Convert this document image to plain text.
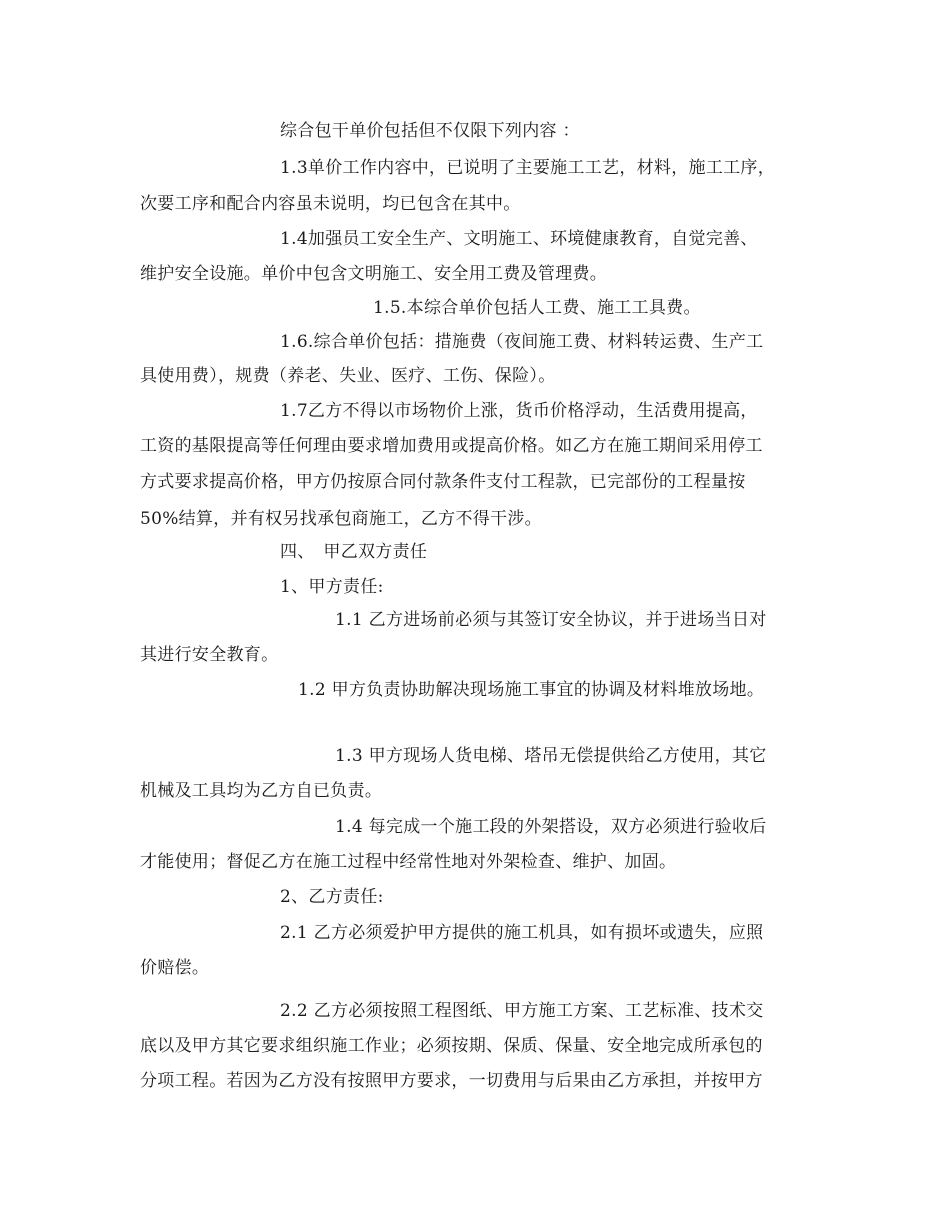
综合包干单价包括但不仅限下列内容 ：
1.3单价工作内容中，已说明了主要施工工艺，材料，施工工序，
次要工序和配合内容虽未说明，均已包含在其中。
1.4加强员工安全生产、文明施工、环境健康教育，自觉完善、
维护安全设施。单价中包含文明施工、安全用工费及管理费。
1.5.本综合单价包括人工费、施工工具费。
1.6.综合单价包括：措施费（夜间施工费、材料转运费、生产工
具使用费），规费（养老、失业、医疗、工伤、保险）。
1.7乙方不得以市场物价上涨，货币价格浮动，生活费用提高，
工资的基限提高等任何理由要求增加费用或提高价格。如乙方在施工期间采用停工
方式要求提高价格，甲方仍按原合同付款条件支付工程款，已完部份的工程量按
50%结算，并有权另找承包商施工，乙方不得干涉。
四、　甲乙双方责任
1、甲方责任:
1.1 乙方进场前必须与其签订安全协议，并于进场当日对
其进行安全教育。
1.2 甲方负责协助解决现场施工事宜的协调及材料堆放场地。
1.3 甲方现场人货电梯、塔吊无偿提供给乙方使用，其它
机械及工具均为乙方自已负责。
1.4 每完成一个施工段的外架搭设，双方必须进行验收后
才能使用；督促乙方在施工过程中经常性地对外架检查、维护、加固。
2、乙方责任:
2.1 乙方必须爱护甲方提供的施工机具，如有损坏或遗失，应照
价赔偿。
2.2 乙方必须按照工程图纸、甲方施工方案、工艺标准、技术交
底以及甲方其它要求组织施工作业；必须按期、保质、保量、安全地完成所承包的
分项工程。若因为乙方没有按照甲方要求，一切费用与后果由乙方承担，并按甲方
